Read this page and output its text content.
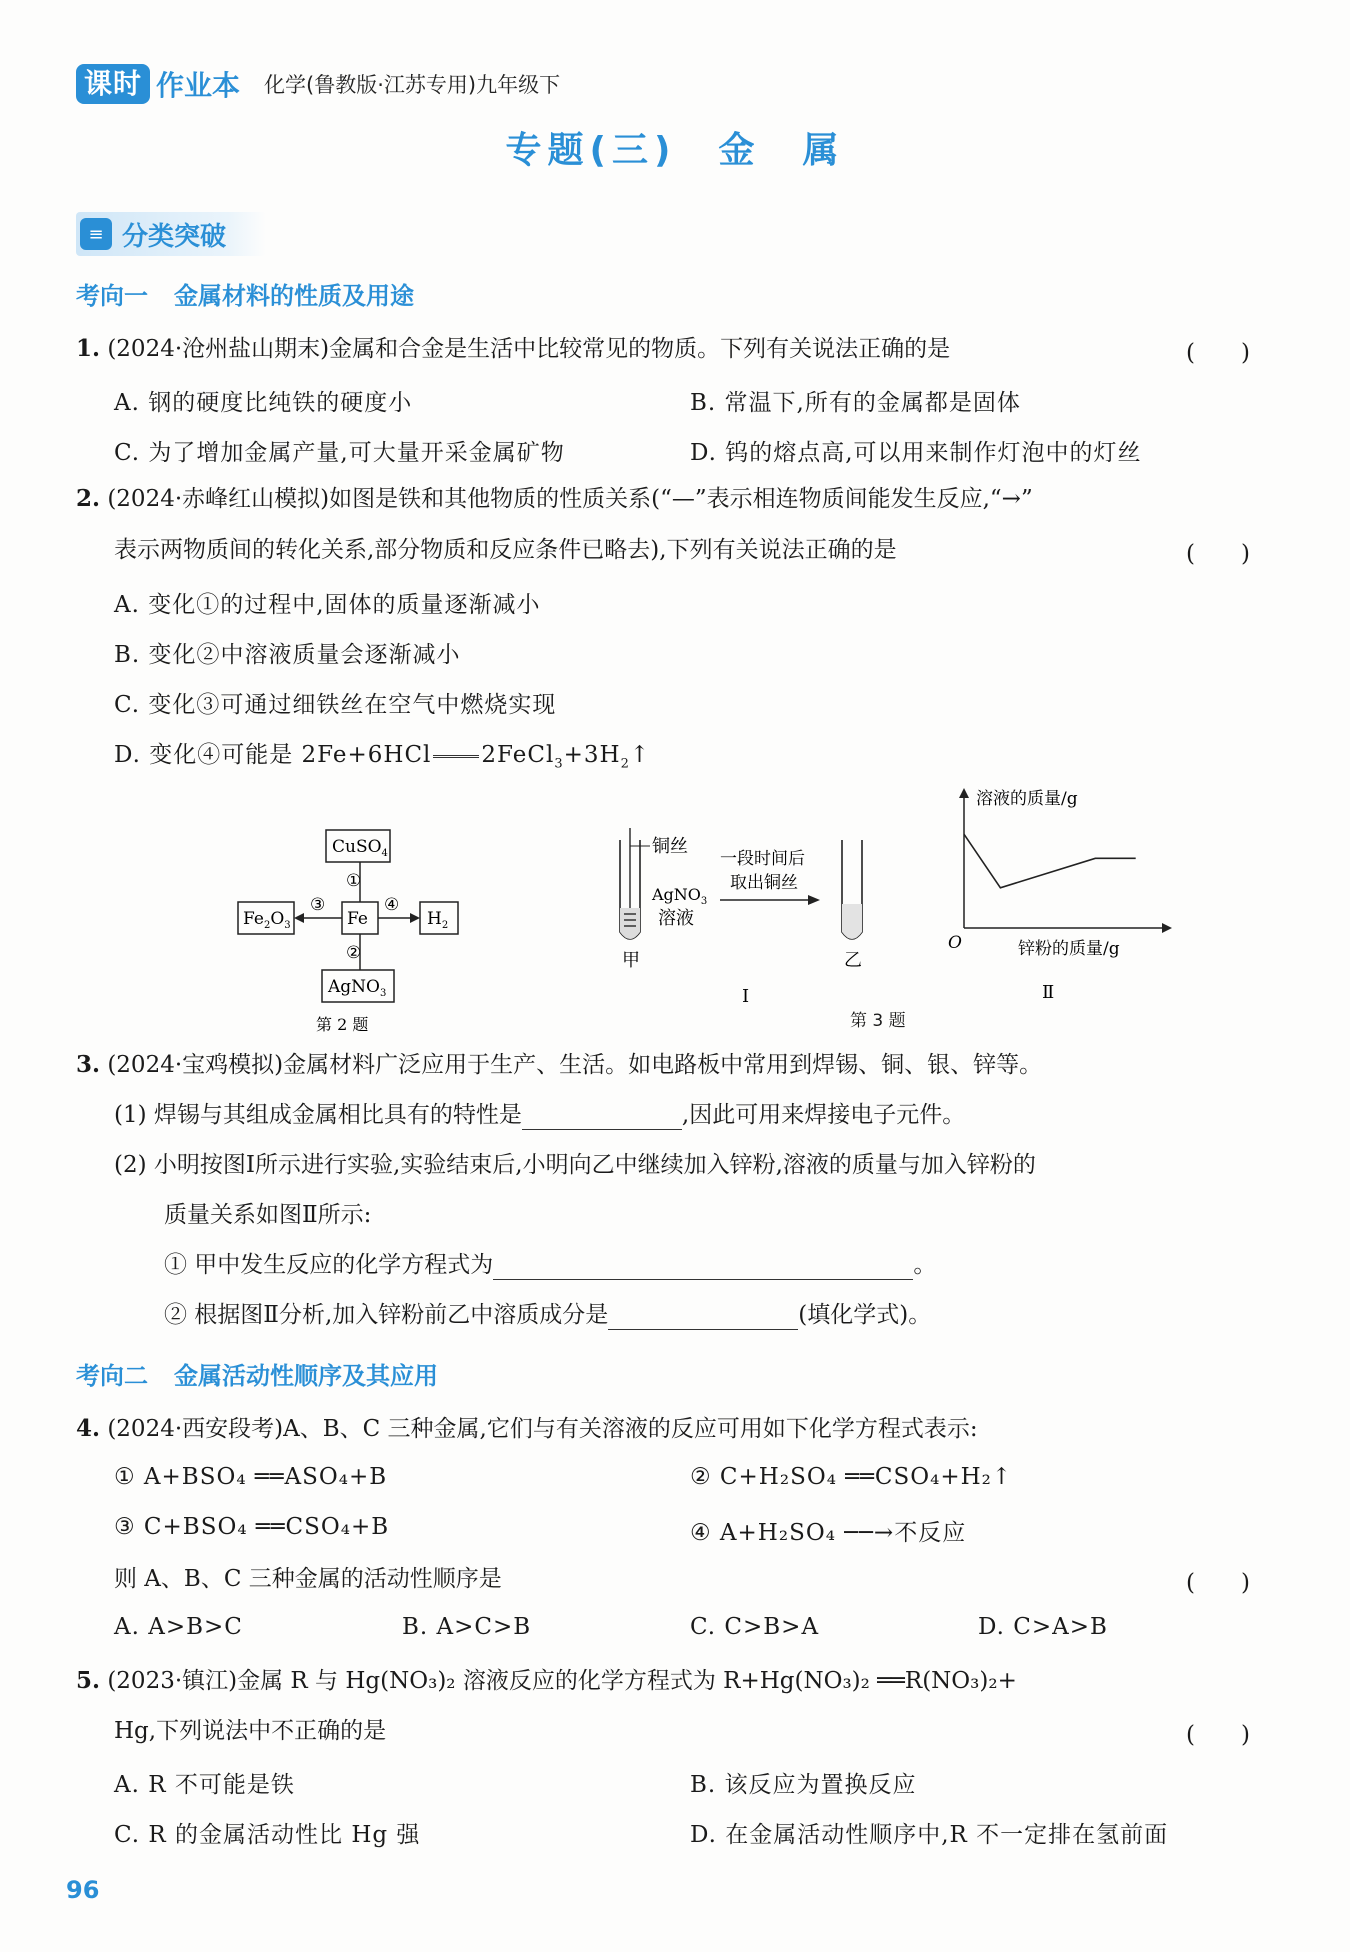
课时 作业本 化学(鲁教版·江苏专用)九年级下
专题(三)　金　属
≡ 分类突破
考向一 金属材料的性质及用途
1. (2024·沧州盐山期末)金属和合金是生活中比较常见的物质。下列有关说法正确的是	(　　)
A. 钢的硬度比纯铁的硬度小	B. 常温下,所有的金属都是固体
C. 为了增加金属产量,可大量开采金属矿物	D. 钨的熔点高,可以用来制作灯泡中的灯丝
2. (2024·赤峰红山模拟)如图是铁和其他物质的性质关系(“—”表示相连物质间能发生反应,“→”
表示两物质间的转化关系,部分物质和反应条件已略去),下列有关说法正确的是	(　　)
A. 变化①的过程中,固体的质量逐渐减小
B. 变化②中溶液质量会逐渐减小
C. 变化③可通过细铁丝在空气中燃烧实现
D. 变化④可能是 2Fe+6HCl $2FeCl_3+3H_2↑$
CuSO$_4$
$Fe_2O_3$	Fe	$H_2$
AgNO$_3$
①
②
③	④
第 2 题
铜丝
AgNO$_3$
溶液
甲
一段时间后
取出铜丝
乙
Ⅰ
溶液的质量/g
O	锌粉的质量/g
Ⅱ
第 3 题
3. (2024·宝鸡模拟)金属材料广泛应用于生产、生活。如电路板中常用到焊锡、铜、银、锌等。
(1) 焊锡与其组成金属相比具有的特性是	,因此可用来焊接电子元件。
(2) 小明按图Ⅰ所示进行实验,实验结束后,小明向乙中继续加入锌粉,溶液的质量与加入锌粉的
质量关系如图Ⅱ所示:
① 甲中发生反应的化学方程式为	。
② 根据图Ⅱ分析,加入锌粉前乙中溶质成分是	(填化学式)。
考向二 金属活动性顺序及其应用
4. (2024·西安段考)A、B、C 三种金属,它们与有关溶液的反应可用如下化学方程式表示:
① A+BSO₄ ══ASO₄+B	② C+H₂SO₄ ══CSO₄+H₂↑
③ C+BSO₄ ══CSO₄+B	④ A+H₂SO₄ ──→不反应
则 A、B、C 三种金属的活动性顺序是	(　　)
A. A>B>C	B. A>C>B	C. C>B>A	D. C>A>B
5. (2023·镇江)金属 R 与 Hg(NO₃)₂ 溶液反应的化学方程式为 R+Hg(NO₃)₂ ══R(NO₃)₂+
Hg,下列说法中不正确的是	(　　)
A. R 不可能是铁	B. 该反应为置换反应
C. R 的金属活动性比 Hg 强	D. 在金属活动性顺序中,R 不一定排在氢前面
96
